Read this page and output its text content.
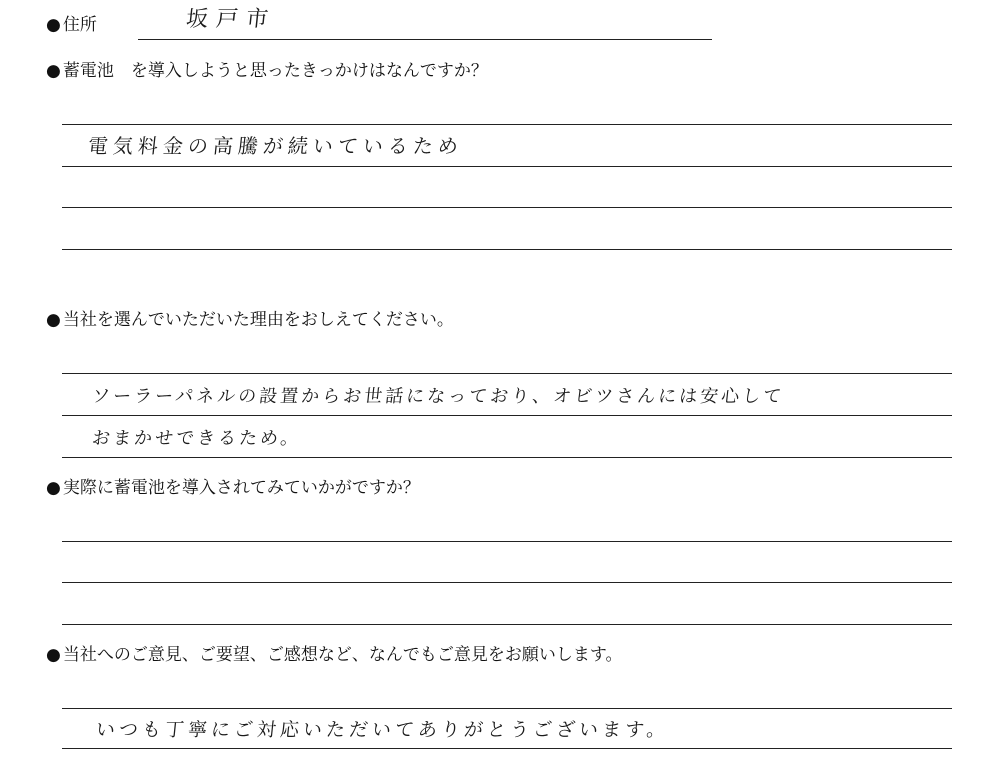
● 住所	坂戸市
● 蓄電池　を導入しようと思ったきっかけはなんですか？
電気料金の高騰が続いているため
● 当社を選んでいただいた理由をおしえてください。
ソーラーパネルの設置からお世話になっており、オビツさんには安心して
おまかせできるため。
● 実際に蓄電池を導入されてみていかがですか？
● 当社へのご意見、ご要望、ご感想など、なんでもご意見をお願いします。
いつも丁寧にご対応いただいてありがとうございます。
